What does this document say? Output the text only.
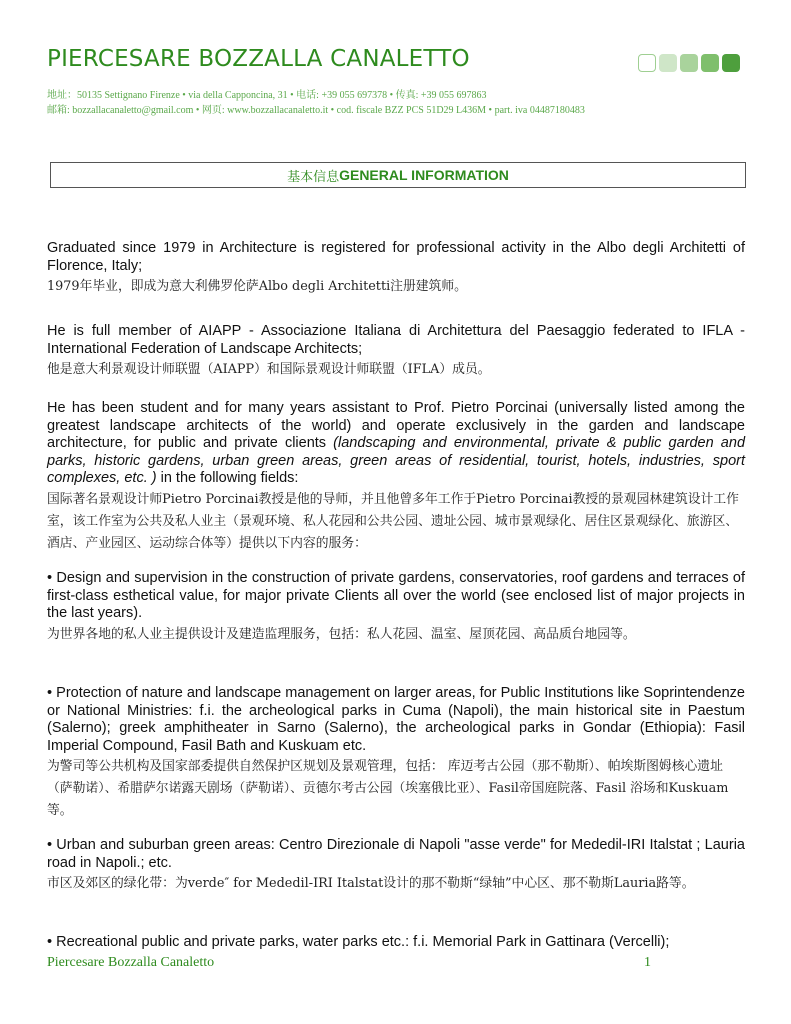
PIERCESARE BOZZALLA CANALETTO
地址：50135 Settignano Firenze • via della Capponcina, 31 • 电话: +39 055 697378 • 传真: +39 055 697863
邮箱: bozzallacanaletto@gmail.com • 网页: www.bozzallacanaletto.it • cod. fiscale BZZ PCS 51D29 L436M • part. iva 04487180483
基本信息 GENERAL INFORMATION
Graduated since 1979 in Architecture is registered for professional activity in the Albo degli Architetti of Florence, Italy;
1979年毕业，即成为意大利佛罗伦萨Albo degli Architetti注册建筑师。
He is full member of AIAPP - Associazione Italiana di Architettura del Paesaggio federated to IFLA - International Federation of Landscape Architects;
他是意大利景观设计师联盟（AIAPP）和国际景观设计师联盟（IFLA）成员。
He has been student and for many years assistant to Prof. Pietro Porcinai (universally listed among the greatest landscape architects of the world) and operate exclusively in the garden and landscape architecture, for public and private clients (landscaping and environmental, private & public garden and parks, historic gardens, urban green areas, green areas of residential, tourist, hotels, industries, sport complexes, etc. ) in the following fields:
国际著名景观设计师Pietro Porcinai教授是他的导师，并且他曾多年工作于Pietro Porcinai教授的景观园林建筑设计工作室，该工作室为公共及私人业主（景观环境、私人花园和公共公园、遗址公园、城市景观绿化、居住区景观绿化、旅游区、酒店、产业园区、运动综合体等）提供以下内容的服务：
• Design and supervision in the construction of private gardens, conservatories, roof gardens and terraces of first-class esthetical value, for major private Clients all over the world (see enclosed list of major projects in the last years).
为世界各地的私人业主提供设计及建造监理服务，包括：私人花园、温室、屋顶花园、高品质台地园等。
• Protection of nature and landscape management on larger areas, for Public Institutions like Soprintendenze or National Ministries: f.i. the archeological parks in Cuma (Napoli), the main historical site in Paestum (Salerno); greek amphitheater in Sarno (Salerno), the archeological parks in Gondar (Ethiopia): Fasil Imperial Compound, Fasil Bath and Kuskuam etc.
为警司等公共机构及国家部委提供自然保护区规划及景观管理，包括： 库迈考古公园（那不勒斯）、帕埃斯图姆核心遗址（萨勒诺）、希腊萨尔诺露天剧场（萨勒诺）、贡德尔考古公园（埃塞俄比亚）、Fasil帝国庭院落、Fasil 浴场和Kuskuam等。
• Urban and suburban green areas: Centro Direzionale di Napoli "asse verde" for Mededil-IRI Italstat ; Lauria road in Napoli.; etc.
市区及郊区的绿化带：为verde″ for Mededil-IRI Italstat设计的那不勒斯“绿轴”中心区、那不勒斯Lauria路等。
• Recreational public and private parks, water parks etc.: f.i. Memorial Park in Gattinara (Vercelli);
Piercesare Bozzalla Canaletto	1
